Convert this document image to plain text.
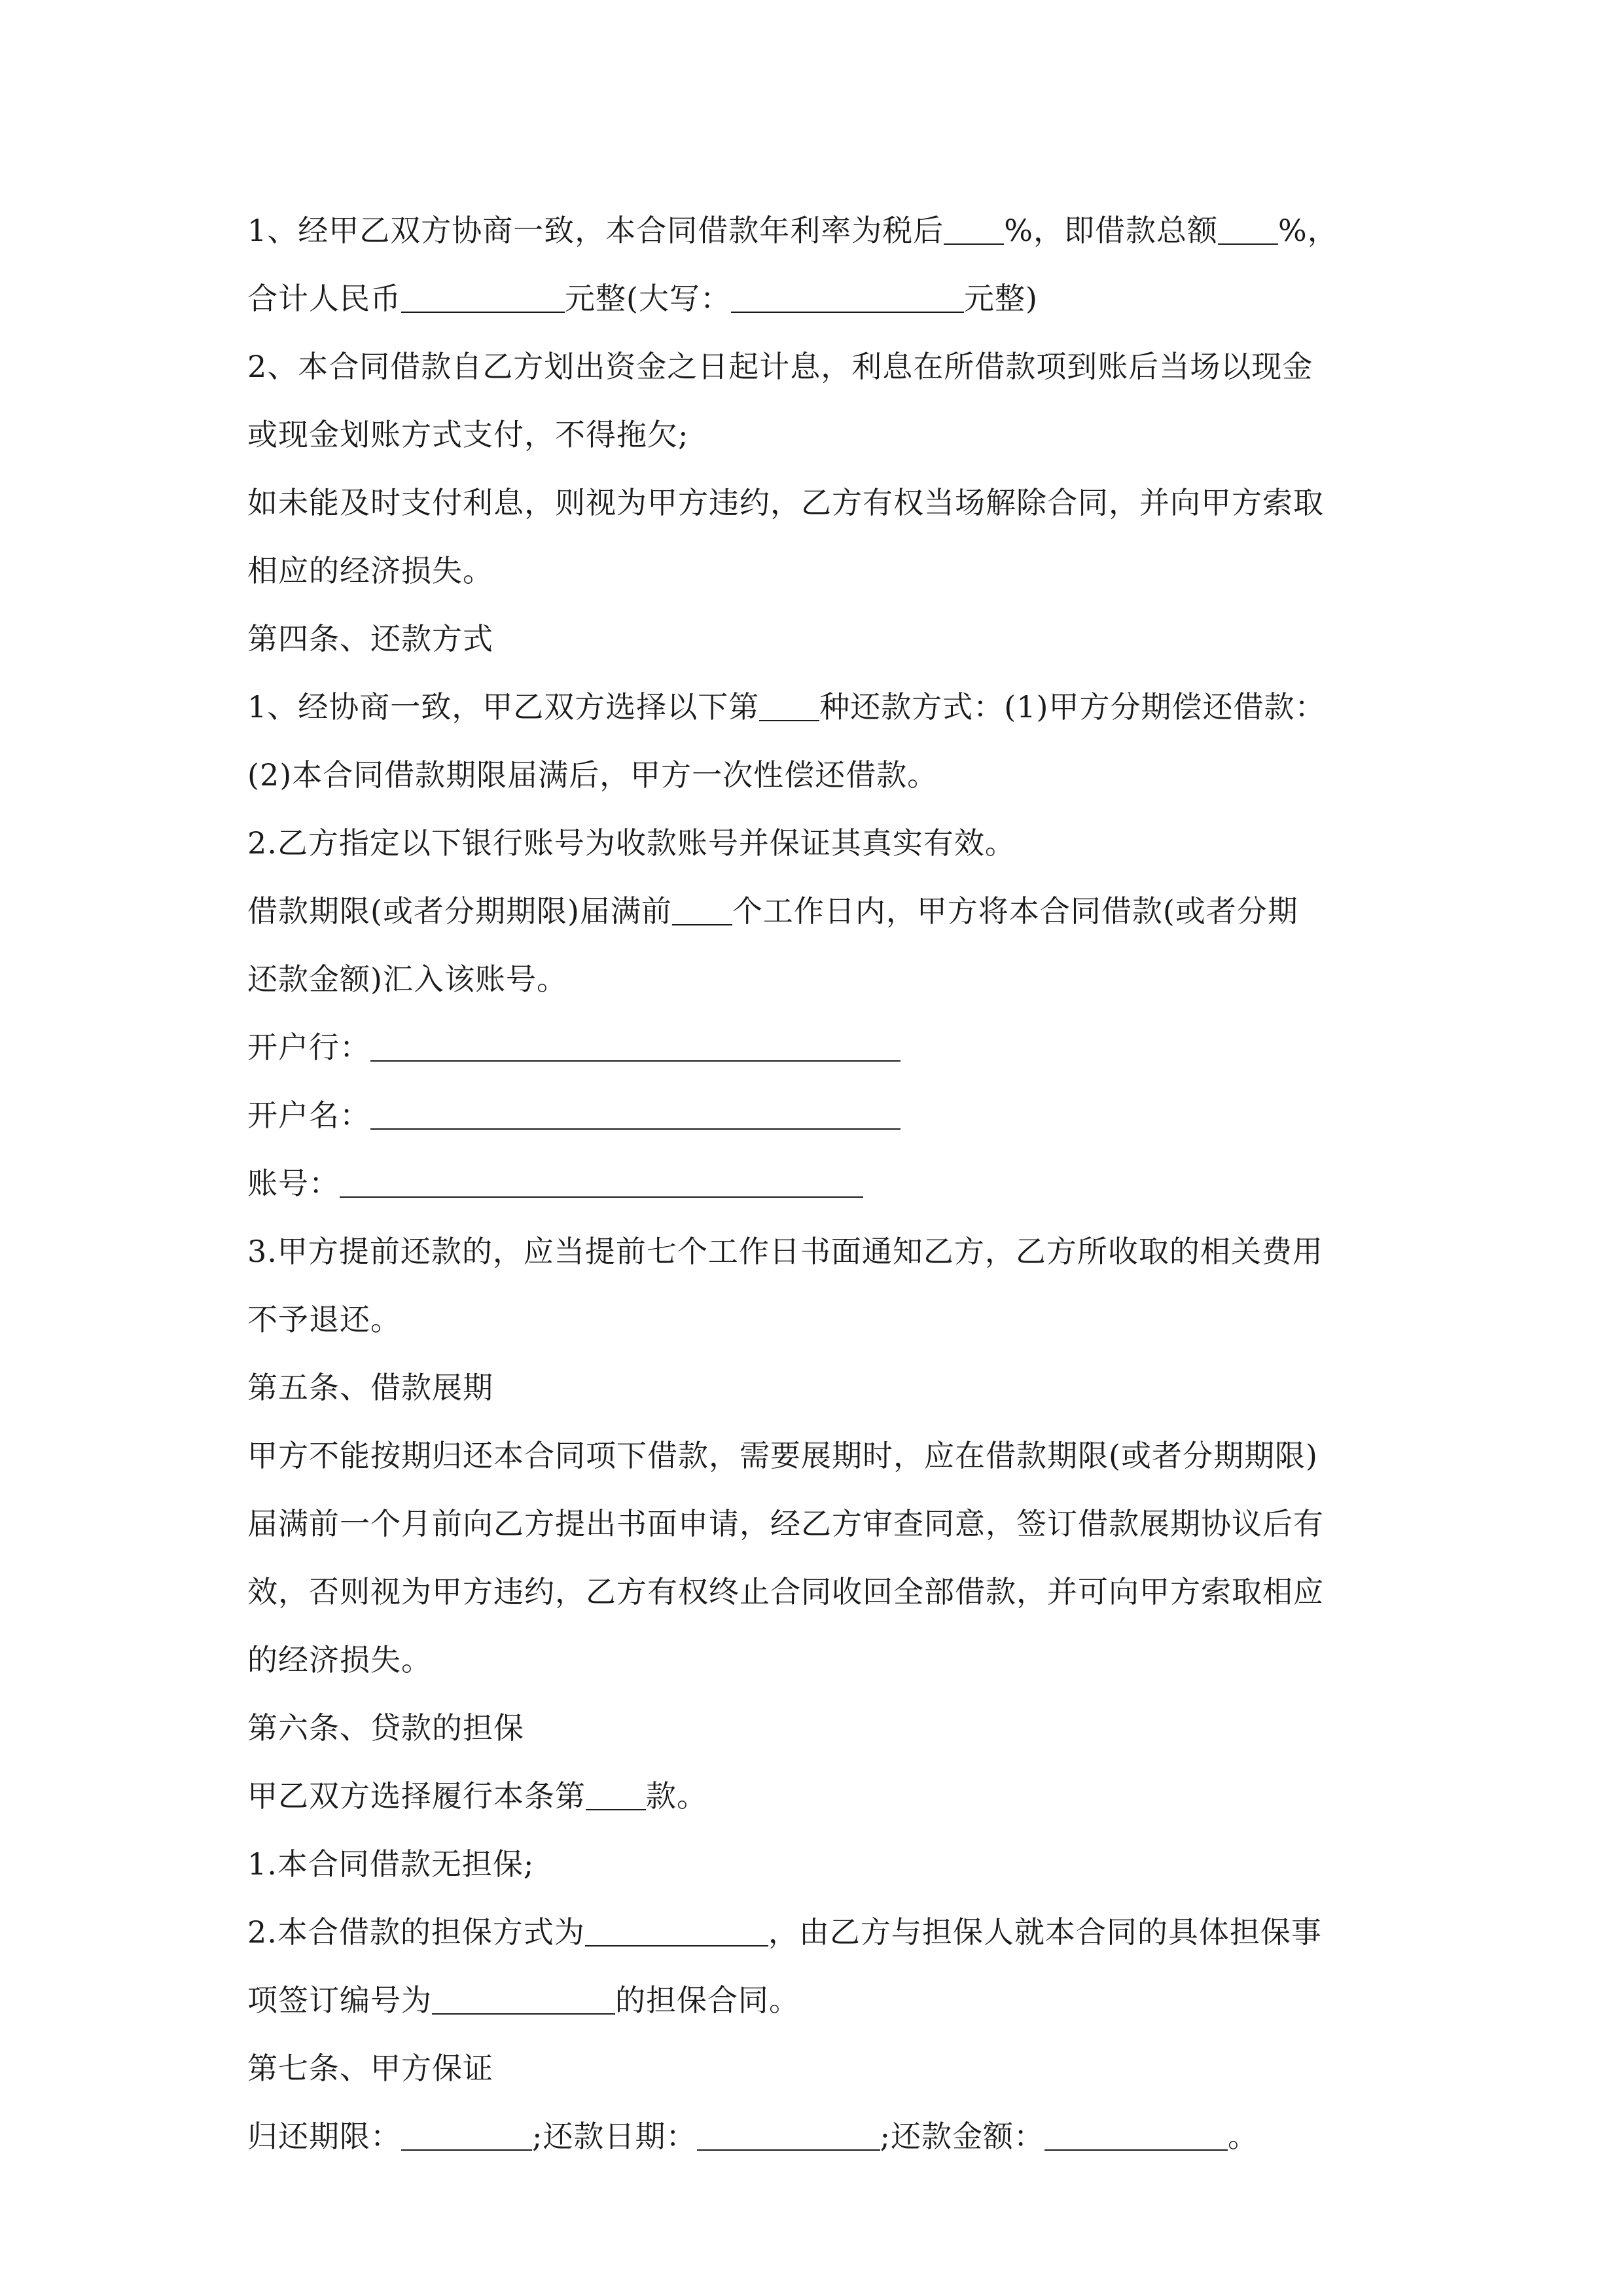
1、经甲乙双方协商一致，本合同借款年利率为税后 %，即借款总额 %，
合计人民币	元整(大写：	元整)
2、本合同借款自乙方划出资金之日起计息，利息在所借款项到账后当场以现金
或现金划账方式支付，不得拖欠;
如未能及时支付利息，则视为甲方违约，乙方有权当场解除合同，并向甲方索取
相应的经济损失。
第四条、还款方式
1、经协商一致，甲乙双方选择以下第 种还款方式：(1)甲方分期偿还借款：
(2)本合同借款期限届满后，甲方一次性偿还借款。
2.乙方指定以下银行账号为收款账号并保证其真实有效。
借款期限(或者分期期限)届满前 个工作日内，甲方将本合同借款(或者分期
还款金额)汇入该账号。
开户行：
开户名：
账号：
3.甲方提前还款的，应当提前七个工作日书面通知乙方，乙方所收取的相关费用
不予退还。
第五条、借款展期
甲方不能按期归还本合同项下借款，需要展期时，应在借款期限(或者分期期限)
届满前一个月前向乙方提出书面申请，经乙方审查同意，签订借款展期协议后有
效，否则视为甲方违约，乙方有权终止合同收回全部借款，并可向甲方索取相应
的经济损失。
第六条、贷款的担保
甲乙双方选择履行本条第 款。
1.本合同借款无担保;
2.本合借款的担保方式为	，由乙方与担保人就本合同的具体担保事
项签订编号为	的担保合同。
第七条、甲方保证
归还期限：	;还款日期：	;还款金额：	。
